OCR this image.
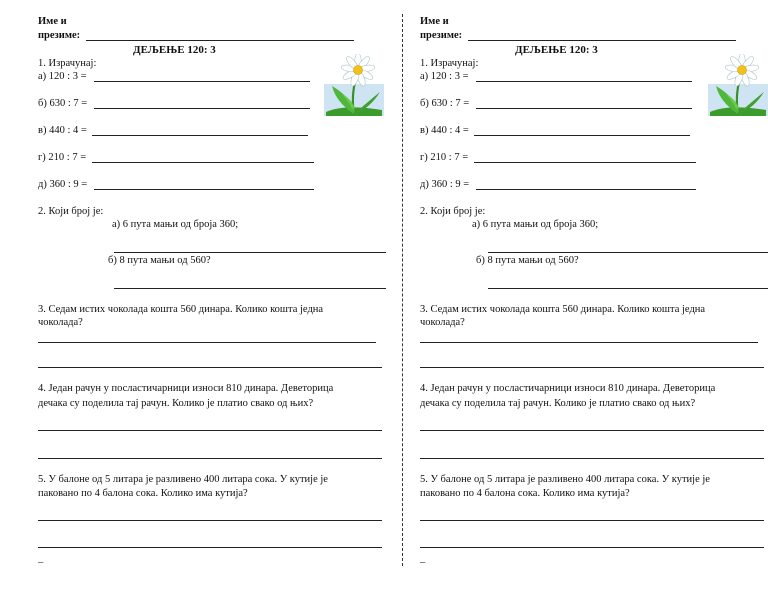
Име и
презиме:
ДЕЉЕЊЕ 120: 3
1. Израчунај:
а) 120 : 3 =
б) 630 : 7 =
в) 440 : 4 =
г) 210 : 7 =
д) 360 : 9 =
2. Који број је:
а) 6 пута мањи од броја 360;
б) 8 пута мањи од 560?
3. Седам истих чоколада кошта 560 динара. Колико кошта једна
чоколада?
4. Један рачун у посластичарници износи 810 динара. Деветорица
дечака су поделила тај рачун. Колико је платио свако од њих?
5. У балоне од 5 литара је разливено 400 литара сока. У кутије је
паковано по 4 балона сока. Колико има кутија?
_
Име и
презиме:
ДЕЉЕЊЕ 120: 3
1. Израчунај:
а) 120 : 3 =
б) 630 : 7 =
в) 440 : 4 =
г) 210 : 7 =
д) 360 : 9 =
2. Који број је:
а) 6 пута мањи од броја 360;
б) 8 пута мањи од 560?
3. Седам истих чоколада кошта 560 динара. Колико кошта једна
чоколада?
4. Један рачун у посластичарници износи 810 динара. Деветорица
дечака су поделила тај рачун. Колико је платио свако од њих?
5. У балоне од 5 литара је разливено 400 литара сока. У кутије је
паковано по 4 балона сока. Колико има кутија?
_
